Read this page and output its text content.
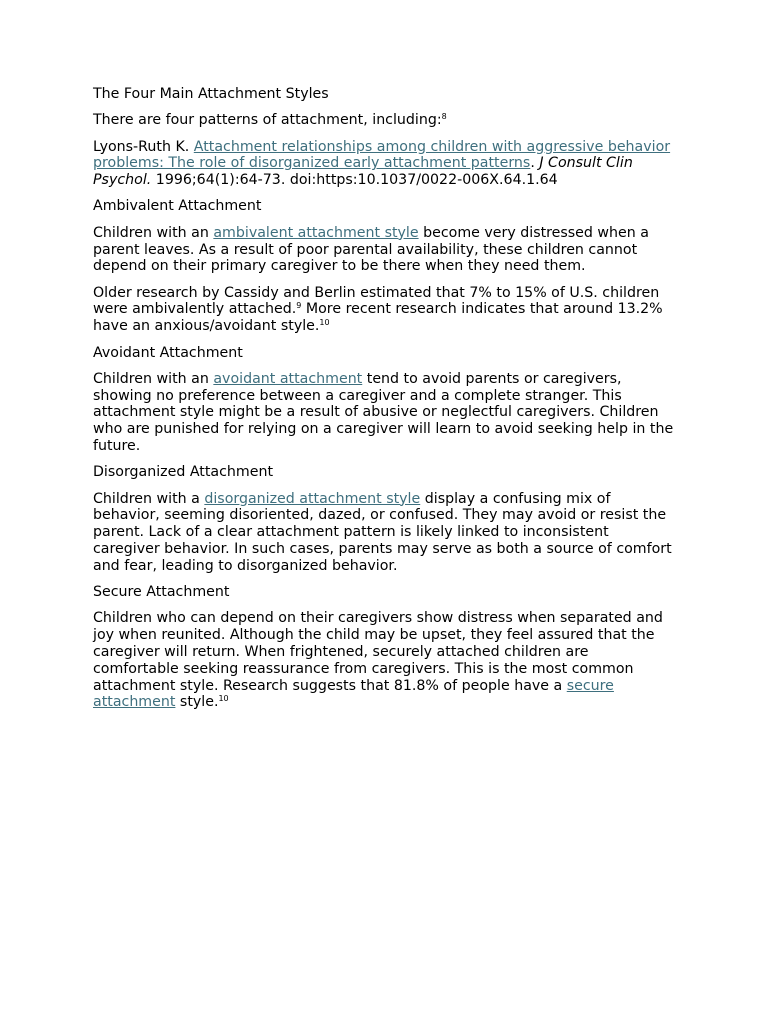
The Four Main Attachment Styles

There are four patterns of attachment, including:$^8$

Lyons-Ruth K. Attachment relationships among children with aggressive behavior problems: The role of disorganized early attachment patterns. J Consult Clin Psychol. 1996;64(1):64-73. doi:https:10.1037/0022-006X.64.1.64

Ambivalent Attachment

Children with an ambivalent attachment style become very distressed when a parent leaves. As a result of poor parental availability, these children cannot depend on their primary caregiver to be there when they need them.

Older research by Cassidy and Berlin estimated that 7% to 15% of U.S. children were ambivalently attached.$^9$ More recent research indicates that around 13.2% have an anxious/avoidant style.$^{10}$

Avoidant Attachment

Children with an avoidant attachment tend to avoid parents or caregivers, showing no preference between a caregiver and a complete stranger. This attachment style might be a result of abusive or neglectful caregivers. Children who are punished for relying on a caregiver will learn to avoid seeking help in the future.

Disorganized Attachment

Children with a disorganized attachment style display a confusing mix of behavior, seeming disoriented, dazed, or confused. They may avoid or resist the parent. Lack of a clear attachment pattern is likely linked to inconsistent caregiver behavior. In such cases, parents may serve as both a source of comfort and fear, leading to disorganized behavior.

Secure Attachment

Children who can depend on their caregivers show distress when separated and joy when reunited. Although the child may be upset, they feel assured that the caregiver will return. When frightened, securely attached children are comfortable seeking reassurance from caregivers. This is the most common attachment style. Research suggests that 81.8% of people have a secure attachment style.$^{10}$
